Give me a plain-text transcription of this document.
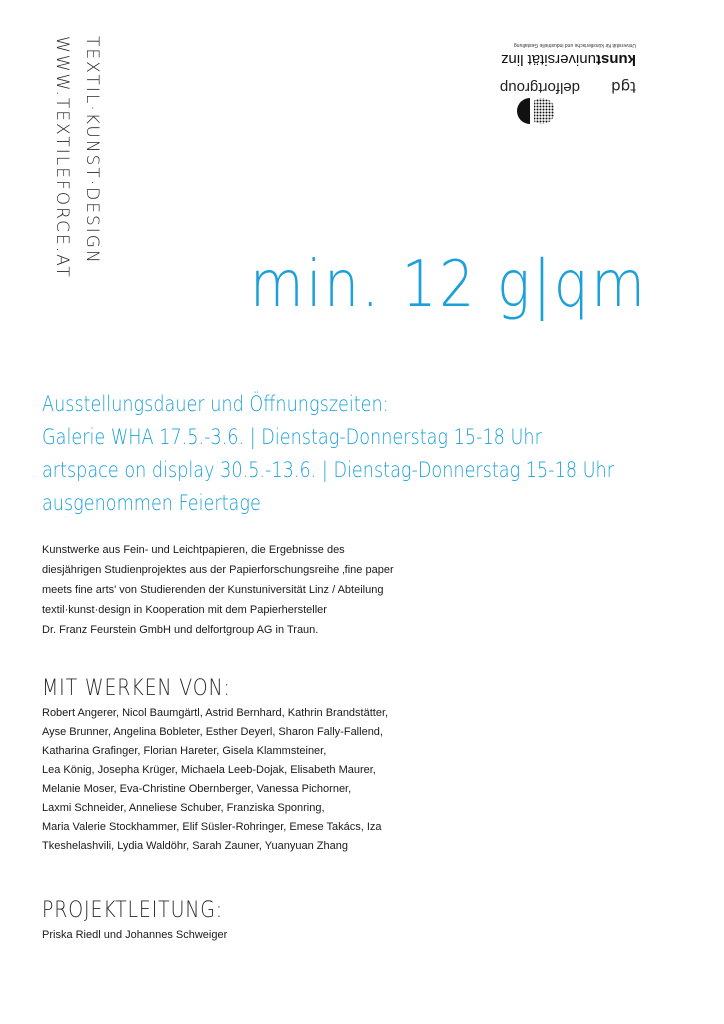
TEXTIL·KUNST·DESIGN
WWW.TEXTILEFORCE.AT	tgd
delfortgroup
kunstuniversität linz
Universität für künstlerische und industrielle Gestaltung
min. 12 g|qm
Ausstellungsdauer und Öffnungszeiten:
Galerie WHA 17.5.-3.6. | Dienstag-Donnerstag 15-18 Uhr
artspace on display 30.5.-13.6. | Dienstag-Donnerstag 15-18 Uhr
ausgenommen Feiertage
Kunstwerke aus Fein- und Leichtpapieren, die Ergebnisse des
diesjährigen Studienprojektes aus der Papierforschungsreihe ‚fine paper
meets fine arts' von Studierenden der Kunstuniversität Linz / Abteilung
textil·kunst·design in Kooperation mit dem Papierhersteller
Dr. Franz Feurstein GmbH und delfortgroup AG in Traun.
MIT WERKEN VON:
Robert Angerer, Nicol Baumgärtl, Astrid Bernhard, Kathrin Brandstätter,
Ayse Brunner, Angelina Bobleter, Esther Deyerl, Sharon Fally-Fallend,
Katharina Grafinger, Florian Hareter, Gisela Klammsteiner,
Lea König, Josepha Krüger, Michaela Leeb-Dojak, Elisabeth Maurer,
Melanie Moser, Eva-Christine Obernberger, Vanessa Pichorner,
Laxmi Schneider, Anneliese Schuber, Franziska Sponring,
Maria Valerie Stockhammer, Elif Süsler-Rohringer, Emese Takács, Iza
Tkeshelashvili, Lydia Waldöhr, Sarah Zauner, Yuanyuan Zhang
PROJEKTLEITUNG:
Priska Riedl und Johannes Schweiger
